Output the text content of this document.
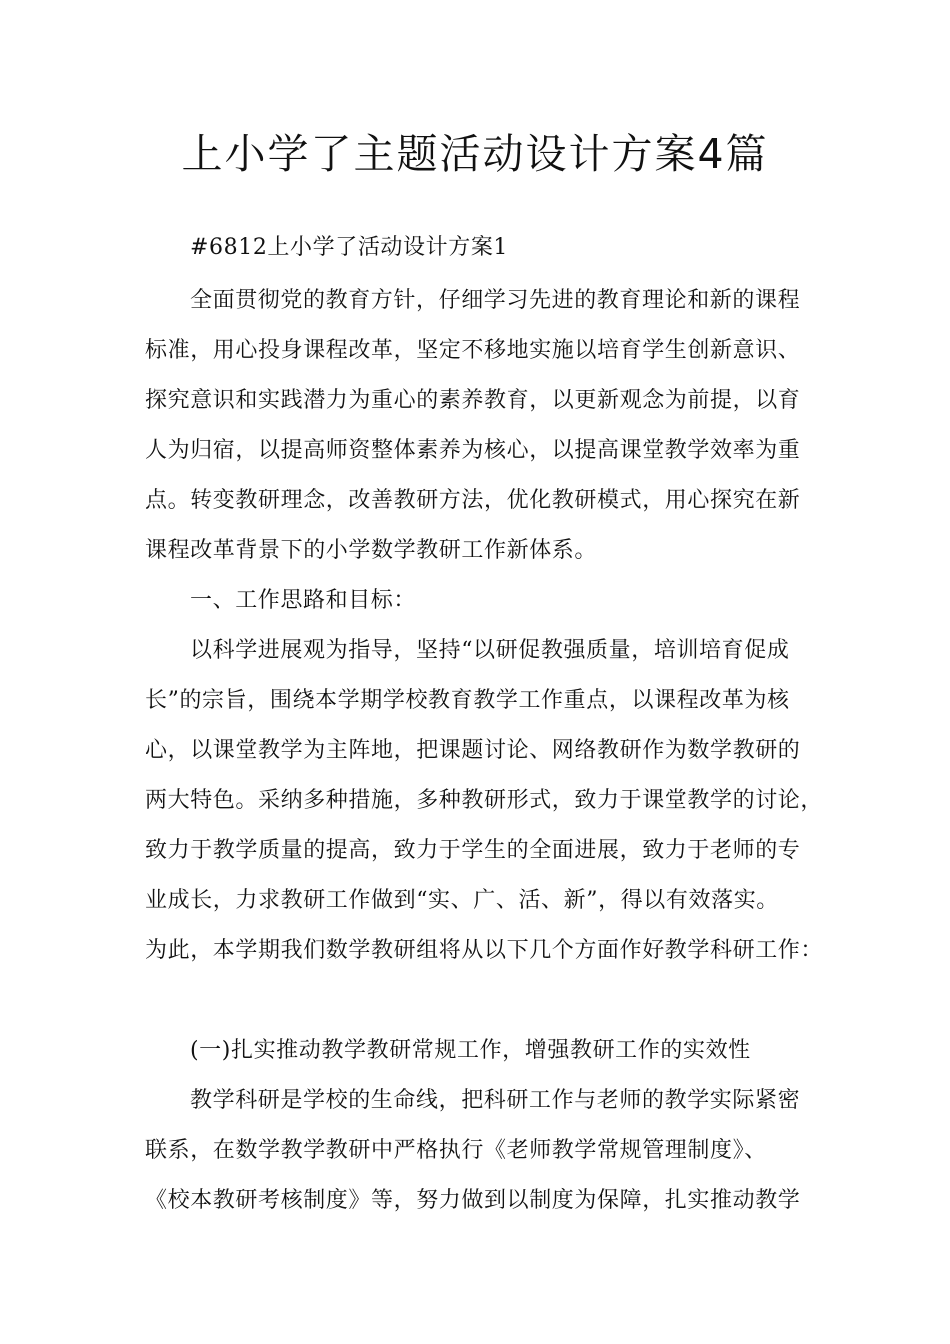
上小学了主题活动设计方案4篇
#6812上小学了活动设计方案1
全面贯彻党的教育方针，仔细学习先进的教育理论和新的课程
标准，用心投身课程改革，坚定不移地实施以培育学生创新意识、
探究意识和实践潜力为重心的素养教育，以更新观念为前提，以育
人为归宿，以提高师资整体素养为核心，以提高课堂教学效率为重
点。转变教研理念，改善教研方法，优化教研模式，用心探究在新
课程改革背景下的小学数学教研工作新体系。
一、工作思路和目标：
以科学进展观为指导，坚持“以研促教强质量，培训培育促成
长”的宗旨，围绕本学期学校教育教学工作重点，以课程改革为核
心，以课堂教学为主阵地，把课题讨论、网络教研作为数学教研的
两大特色。采纳多种措施，多种教研形式，致力于课堂教学的讨论，
致力于教学质量的提高，致力于学生的全面进展，致力于老师的专
业成长，力求教研工作做到“实、广、活、新”，得以有效落实。
为此，本学期我们数学教研组将从以下几个方面作好教学科研工作：
(一)扎实推动教学教研常规工作，增强教研工作的实效性
教学科研是学校的生命线，把科研工作与老师的教学实际紧密
联系，在数学教学教研中严格执行《老师教学常规管理制度》、
《校本教研考核制度》等，努力做到以制度为保障，扎实推动教学
